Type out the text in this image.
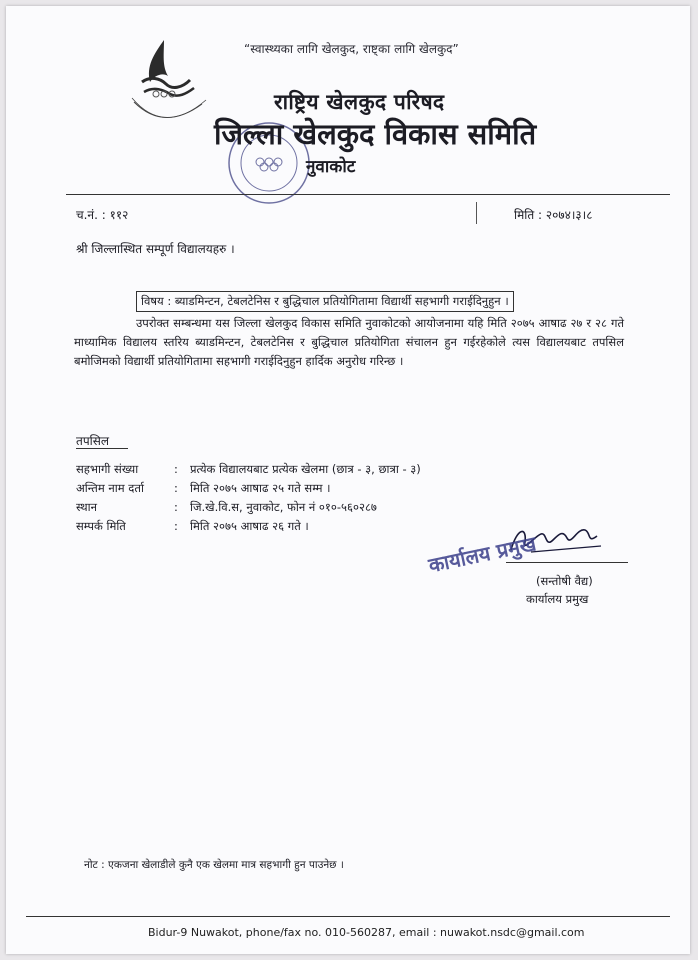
“स्वास्थ्यका लागि खेलकुद, राष्ट्का लागि खेलकुद”
राष्ट्रिय खेलकुद परिषद
जिल्ला खेलकुद विकास समिति
नुवाकोट
च.नं. : ११२	मिति : २०७४।३।८
श्री जिल्लास्थित सम्पूर्ण विद्यालयहरु ।
विषय : ब्याडमिन्टन, टेबलटेनिस र बुद्धिचाल प्रतियोगितामा विद्यार्थी सहभागी गराईदिनुहुन ।
उपरोक्त सम्बन्धमा यस जिल्ला खेलकुद विकास समिति नुवाकोटको आयोजनामा यहि मिति २०७५ आषाढ २७ र २८ गते माध्यामिक विद्यालय स्तरिय ब्याडमिन्टन, टेबलटेनिस र बुद्धिचाल प्रतियोगिता संचालन हुन गईरहेकोले त्यस विद्यालयबाट तपसिल बमोजिमको विद्यार्थी प्रतियोगितामा सहभागी गराईदिनुहुन हार्दिक अनुरोध गरिन्छ ।
तपसिल
सहभागी संख्या	: प्रत्येक विद्यालयबाट प्रत्येक खेलमा (छात्र - ३, छात्रा - ३)
अन्तिम नाम दर्ता	: मिति २०७५ आषाढ २५ गते सम्म ।
स्थान	: जि.खे.वि.स, नुवाकोट, फोन नं ०१०-५६०२८७
सम्पर्क मिति	: मिति २०७५ आषाढ २६ गते ।
कार्यालय प्रमुख
(सन्तोषी वैद्य)
कार्यालय प्रमुख
नोट : एकजना खेलाडीले कुनै एक खेलमा मात्र सहभागी हुन पाउनेछ ।
Bidur-9 Nuwakot, phone/fax no. 010-560287, email : nuwakot.nsdc@gmail.com
